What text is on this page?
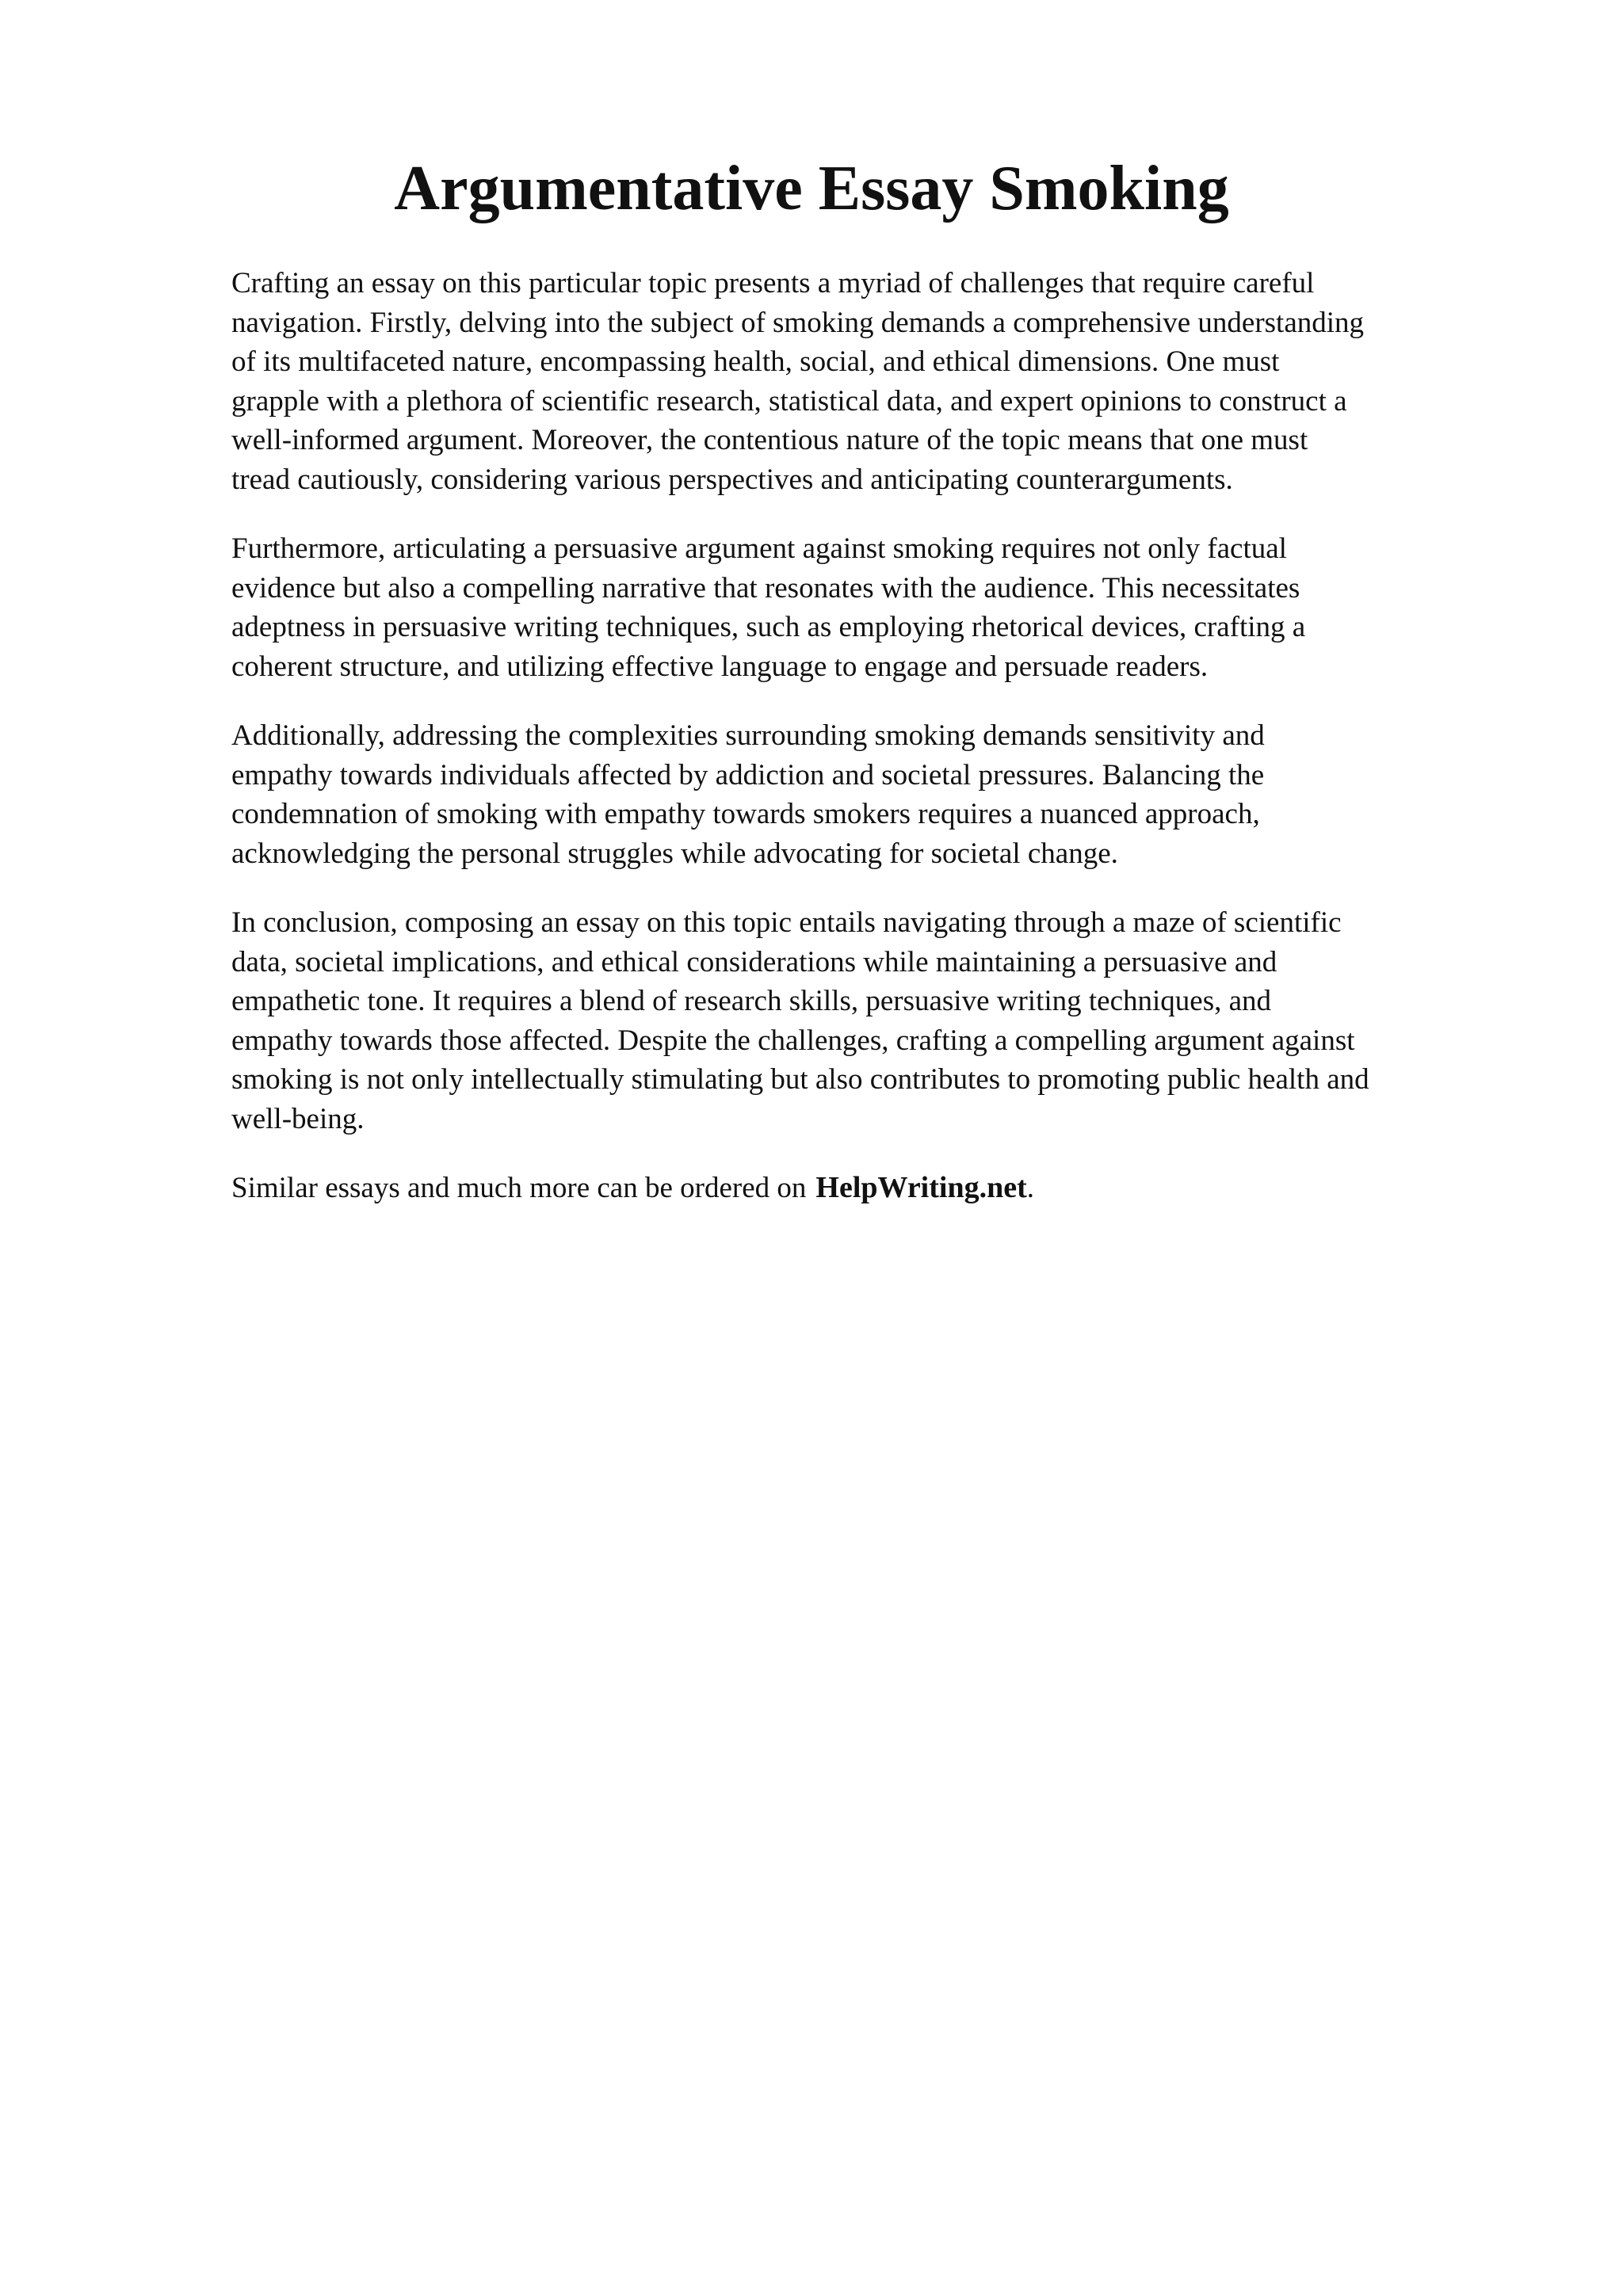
Argumentative Essay Smoking

Crafting an essay on this particular topic presents a myriad of challenges that require careful
navigation. Firstly, delving into the subject of smoking demands a comprehensive understanding
of its multifaceted nature, encompassing health, social, and ethical dimensions. One must
grapple with a plethora of scientific research, statistical data, and expert opinions to construct a
well-informed argument. Moreover, the contentious nature of the topic means that one must
tread cautiously, considering various perspectives and anticipating counterarguments.

Furthermore, articulating a persuasive argument against smoking requires not only factual
evidence but also a compelling narrative that resonates with the audience. This necessitates
adeptness in persuasive writing techniques, such as employing rhetorical devices, crafting a
coherent structure, and utilizing effective language to engage and persuade readers.

Additionally, addressing the complexities surrounding smoking demands sensitivity and
empathy towards individuals affected by addiction and societal pressures. Balancing the
condemnation of smoking with empathy towards smokers requires a nuanced approach,
acknowledging the personal struggles while advocating for societal change.

In conclusion, composing an essay on this topic entails navigating through a maze of scientific
data, societal implications, and ethical considerations while maintaining a persuasive and
empathetic tone. It requires a blend of research skills, persuasive writing techniques, and
empathy towards those affected. Despite the challenges, crafting a compelling argument against
smoking is not only intellectually stimulating but also contributes to promoting public health and
well-being.

Similar essays and much more can be ordered on HelpWriting.net.
